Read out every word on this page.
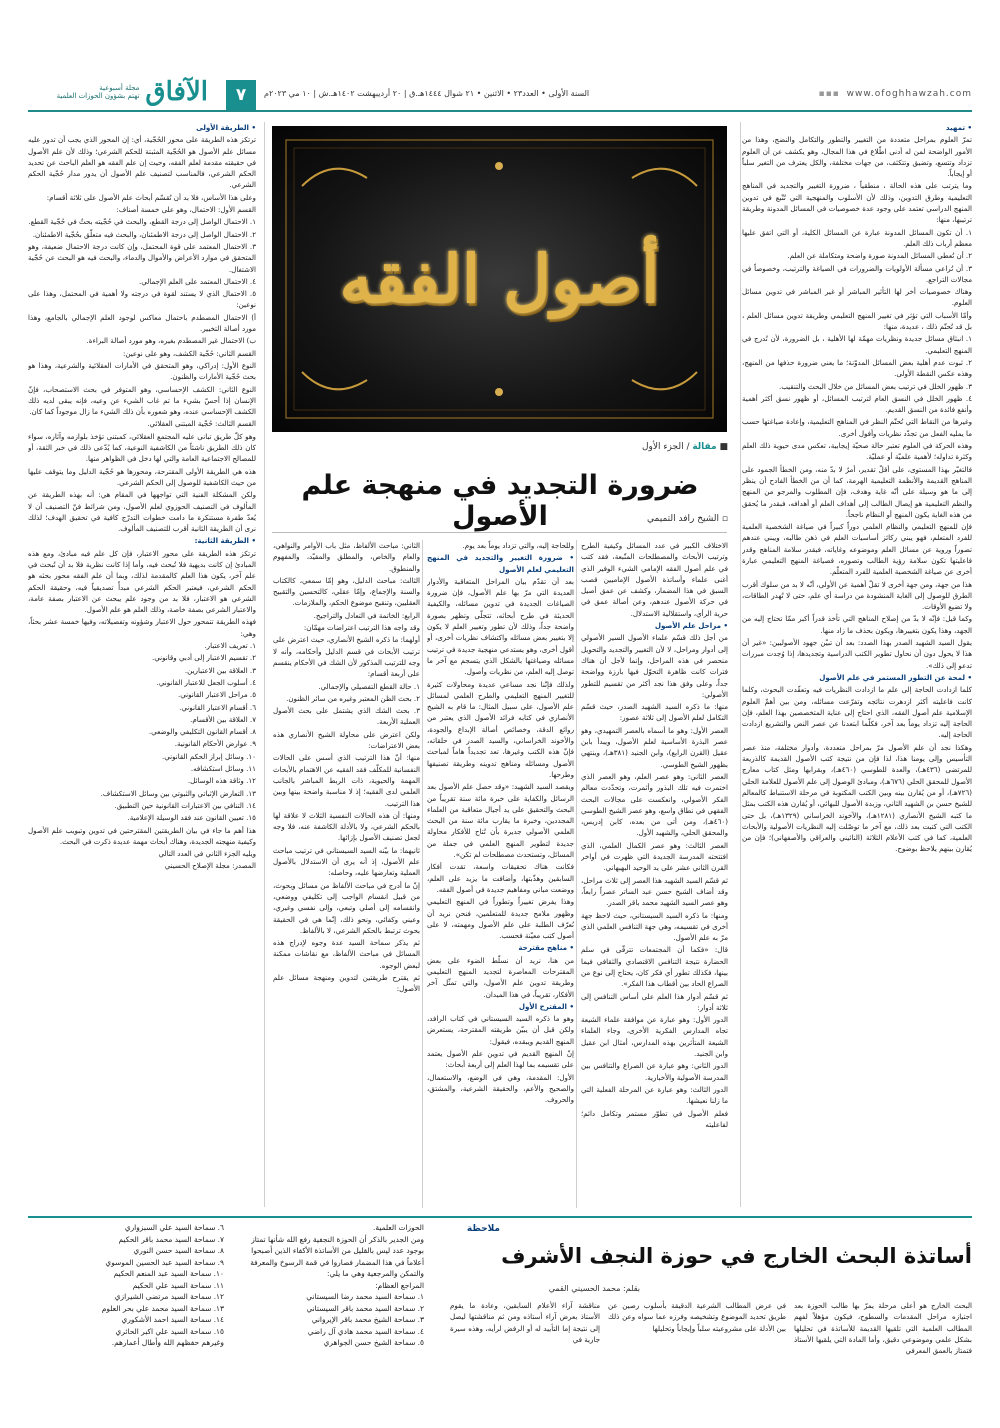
الآفاق
مجلة أسبوعية
تهتم بشؤون الحوزات العلمية	٧	السنة الأولى • العدد٢٣ • الاثنين • ٢١ شوال ١٤٤٤هـ.ق | ٢٠ أرديبهشت ١٤٠٢هـ.ش | ١٠ مي ٢٠٢٣م	▪▪▪ www.ofoghhawzah.com

• تمهيد

تمرّ العلوم بمراحل متعددة من التغيير والتطور والتكامل والنضج، وهذا من الأمور الواضحة لمن له أدنى اطّلاع في هذا المجال، وهو يكشف عن أن العلوم تزداد وتتسع، وتضيق وتتكثف، من جهات مختلفة، والكل يعترف من التغير سلباً أو إيجاباً.

وما يترتب على هذه الحالة ، منطقياً ، ضرورة التغيير والتجديد في المناهج التعليمية وطرق التدوين، وذلك لأن الأسلوب والمنهجية التي تُتّبع في تدوين المنهج الدراسي تعتمد على وجود عدة خصوصيات في المسائل المدونة وطريقة ترتيبها، منها:

١. أن تكون المسائل المدونة عبارة عن المسائل الكلية، أو التي اتفق عليها معظم أرباب ذلك العلم.

٢. أن تُعطي المسائل المدونة صورة واضحة ومتكاملة عن العلم.

٣. أن تُراعي مسألة الأولويات والضرورات في الصياغة والترتيب، وخصوصاً في مجالات التراجع.

وهناك خصوصيات أخر لها التأثير المباشر أو غير المباشر في تدوين مسائل العلوم.

وأمّا الأسباب التي تؤثر في تغيير المنهج التعليمي وطريقة تدوين مسائل العلم ، بل قد تُحتّم ذلك ، عديدة، منها:

١. انبثاق مسائل جديدة ونظريات مهمّة لها الأهلية ، بل الضرورة، لأن تُدرج في المنهج التعليمي.

٢. ثبوت عدم أهلية بعض المسائل المدوّنة؛ ما يعني ضرورة حذفها من المنهج، وهذه عكس النقطة الأولى.

٣. ظهور الخلل في ترتيب بعض المسائل من خلال البحث والتنقيب.

٤. ظهور الخلل في النسق العام لترتيب المسائل، أو ظهور نسق أكثر أهمية وأنفع فائدة من النسق القديم.

وغيرها من النقاط التي تُحتّم النظر في المناهج التعليمية، وإعادة صياغتها حسب ما يمليه الفعل من تجدّد نظريات وأفول أخرى.

وهذه الحركة في العلوم تعتبر حالة صحيّة إيجابية، تعكس مدى حيوية ذلك العلم وكثرة تداوله؛ لأهمية علميّة أو عمليّة.

فالتغيّر بهذا المستوى، على أقلّ تقدير، أمرٌ لا بدّ منه، ومن الخطأ الجمود على المناهج القديمة والأنظمة التعليمية الهرمة، كما أن من الخطأ الفادح أن ينظر إلى ما هو وسيلة على أنّه غاية وهدف، فإن المطلوب والمرجو من المنهج والنظم التعليمية هو إيصال الطالب إلى أهداف العلم أو أهدافه، فبقدر ما يُحقق من هذه الغاية يكون المنهج أو النظام ناجحاً.

فإن للمنهج التعليمي والنظام العلمي دوراً كبيراً في صياغة الشخصية العلمية للفرد المتعلم، فهو يبني ركائز أساسيات العلم في ذهن طالبه، ويبني عندهم تصوراً وروية عن مسائل العلم وموضوعه وغاياته، فبقدر سلامة المناهج وقدر فاعليتها تكون سلامة رؤية الطالب وتصوره، فصياغة المنهج التعليمي عبارة أخرى عن صياغة الشخصية العلمية للفرد المتعلّم.

هذا من جهة، ومن جهة أخرى لا تقلّ أهمية عن الأولى، أنّه لا بد من سلوك أقرب الطرق للوصول إلى الغاية المنشودة من دراسة أي علم، حتى لا تُهدر الطاقات، ولا تضيع الأوقات.

وكما قيل: فإنّه لا بدّ من إصلاح المناهج التي تأخذ قدراً أكبر ممّا تحتاج إليه من الجهد، وهذا يكون بتغييرها، ويكون بحذف ما زاد منها.

يقول السيد الشهيد الصدر بهذا الصدد: بعد أن تبيّن جهود الأصوليين: «غير أن هذا لا يحول دون أن نحاول تطوير الكتب الدراسية وتجديدها، إذا وُجدت مبررات تدعو إلى ذلك».

• لمحة عن التطور المستمر في علم الأصول

كلما ازدادت الحاجة إلى علم ما ازدادت النظريات فيه وتعقّدت البحوث، وكلما كانت فاعليته أكثر ازدهرت نتائجه وتفرّعت مسائله، ومن بين أهمّ العلوم الإسلامية علم أصول الفقه، الذي احتاج إلى عناية المتخصصين بهذا العلم، فإن الحاجة إليه تزداد يوماً بعد آخر، فكلّما ابتعدنا عن عصر النص والتشريع ازدادت الحاجة إليه.

وهكذا نجد أن علم الأصول مرّ بمراحل متعددة، وأدوار مختلفة، منذ عصر التأسيس وإلى يومنا هذا، لذا فإن من نتيجة كتب الأصول القديمة كالذريعة للمرتضى (٤٣٦هـ)، والعدة للطوسي (٤٦٠هـ)، وبقرابها ومثل كتاب معارج الأصول للمحقق الحلي (٦٧٦هـ)، ومبادئ الوصول إلى علم الأصول للعلامة الحلي (٧٢٦هـ)، أو من يُقارن بينه وبين الكتب المكتوبة في مرحلة الاستنباط كالمعالم للشيخ حسن بن الشهيد الثاني، وزبدة الأصول للبهائي، أو يُقارن هذه الكتب بمثل ما كتبه الشيخ الأنصاري (١٢٨١هـ)، والآخوند الخراساني (١٣٢٩هـ)، بل حتى الكتب التي كتبت بعد ذلك، مع آخر ما توصّلت إليه النظريات الأصولية والأبحاث العلمية، كما في كتب الأعلام الثلاثة (النائيني والعراقي والأصفهاني)؛ فإن من يُقارن بينهم يلاحظ بوضوح.

أصول الفقه
■ مقالة / الجزء الأول
ضرورة التجديد في منهجة علم الأصول	▫ الشيخ رافد التميمي

الاختلاف الكبير في عدد المسائل وكيفية الطرح وترتيب الأبحاث والمصطلحات المتّبعة، فقد كتب في علم أصول الفقه الإمامي الشيء الوفير الذي أغنى علماء وأساتذة الأصول الإماميين قصب السبق في هذا المضمار، وكشف عن عمق أصيل في حركة الأصول عندهم، وعن أصالة عمق في حرية الرأي، واستقلالية الاستدلال.

• مراحل علم الأصول

من أجل ذلك قسّم علماء الأصول السير الأصولي إلى أدوار ومراحل، لا لأن التغيير والتجديد والتحويل منحصر في هذه المراحل، وإنما لأجل أن هناك فترات كانت ظاهرة التحوّل فيها بارزة وواضحة جداً، وعلى وفق هذا نجد أكثر من تقسيم للتطور الأصولي:

منها: ما ذكره السيد الشهيد الصدر، حيث قسّم التكامل لعلم الأصول إلى ثلاثة عصور:

العصر الأول: وهو ما أسماه بالعصر التمهيدي، وهو عصر البذرة الأساسية لعلم الأصول، ويبدأ بابن عقيل (القرن الرابع)، وابن الجنيد (٣٨١هـ)، وينتهي بظهور الشيخ الطوسي.

العصر الثاني: وهو عصر العلم، وهو العصر الذي اختمرت فيه تلك البذور وأثمرت، وتحدّدت معالم الفكر الأصولي، وانعكست على مجالات البحث الفقهي في نطاق واسع، وهو عصر الشيخ الطوسي (٤٦٠هـ)، ومن أتى من بعده، كابن إدريس، والمحقق الحلي، والشهيد الأول.

العصر الثالث: وهو عصر الكمال العلمي، الذي افتتحته المدرسة الجديدة التي ظهرت في أواخر القرن الثاني عشر على يد الوحيد البهبهاني.

ثم قسّم السيد الشهيد هذا العصر إلى ثلاث مراحل، وقد أضاف الشيخ حسن عبد الساتر عصراً رابعاً، وهو عصر السيد الشهيد محمد باقر الصدر.

ومنها: ما ذكره السيد السيستاني، حيث لاحظ جهة أخرى في تقسيمه، وهي جهة التنافس العلمي الذي مرّ به علم الأصول.

قال: «فكما أن المجتمعات تترقّى في سلم الحضارة نتيجة التنافس الاقتصادي والثقافي فيما بينها، فكذلك تطور أي فكر كان، يحتاج إلى نوع من الصراع الحاد بين أقطاب هذا الفكر».

ثم قسّم أدوار هذا العلم على أساس التنافس إلى ثلاثة أدوار:

الدور الأول: وهو عبارة عن موافقة علماء الشيعة تجاه المدارس الفكرية الأخرى، وجاء العلماء الشيعة المتأثرين بهذه المدارس، أمثال ابن عقيل وابن الجنيد.

الدور الثاني: وهو عبارة عن الصراع والتنافس بين المدرسة الأصولية والأخبارية.

الدور الثالث: وهو عبارة عن المرحلة الفعلية التي ما زلنا نعيشها.

فعلم الأصول في تطوّر مستمر وتكامل دائم؛ لفاعليته

وللحاجة إليه، والتي تزداد يوماً بعد يوم.

• ضرورة التغيير والتجديد في المنهج التعليمي لعلم الأصول

بعد أن تقدّم بيان المراحل المتعاقبة والأدوار العديدة التي مرّ بها علم الأصول، فإن ضرورة الصياغات الجديدة في تدوين مسائله، والكيفية الحديثة في طرح أبحاثه، تتجلّى وتظهر بصورة واضحة جداً، وذلك لأن تطور وتغيير العلم لا يكون إلا بتغيير بعض مسائله واكتشاف نظريات أخرى، أو أقول أخرى، وهو يستدعي منهجية جديدة في ترتيب مسائله وصياغتها بالشكل الذي يتسجم مع آخر ما توصل إليه العلم، من نظريات وأصول.

ولذلك فإنّنا نجد مساعي عديدة ومحاولات كثيرة للتغيير المنهج التعليمي والطرح العلمي لمسائل علم الأصول، على سبيل المثال: ما قام به الشيخ الأنصاري في كتابه فرائد الأصول الذي يعتبر من روائع الدقة، وخصائص أصالة الإبداع والجودة، والأخوند الخراساني، والسيد الصدر في حلقاته، فإنّ هذه الكتب وغيرها، تعد تجديداً هاماً لمباحث الأصول ومسائله ومناهج تدوينه وطريقة تصنيفها وطرحها.

ويقصد السيد الشهيد: «وقد حصل علم الأصول بعد الرسائل والكفاية على خبرة مائة سنة تقريباً من البحث والتحقيق على يد أجيال متعاقبة من العلماء المجددين، وخبرة ما يقارب مائة سنة من البحث العلمي الأصولي جديرة بأن تُتاح للأفكار محاولة جديدة لتطوير المنهج العلمي في جملة من المسائل، وتستحدث مصطلحات لم تكن».

فكانت هناك تحقيقات واسعة، تقدت أفكار السابقين وهذّبتها، وأضافت ما يزيد على العلم، ووضعت مباني ومفاهيم جديدة في أصول الفقه.

وهذا يفرض تغييراً وتطوراً في المنهج التعليمي وظهور ملامح جديدة للمتعلمين، فنحن نريد أن نُعرّف الطلبة على علم الأصول ومهمته، لا على أصول كتب معيّنة فحسب.

• مناهج مقترحة

من هنا، نريد أن نسلّط الضوء على بعض المقترحات المعاصرة لتجديد المنهج التعليمي وطريقة تدوين علم الأصول، والتي تمثّل آخر الأفكار، تقريباً، في هذا الميدان.

• المقترح الأول

وهو ما ذكره السيد السيستاني في كتاب الرافد، ولكن قبل أن يبيّن طريقته المقترحة، يستعرض المنهج القديم ويبقده، فيقول:

إنّ المنهج القديم في تدوين علم الأصول يعتمد على تقسيمه بما لهذا العلم إلى أربعة أبحاث:

الأول: المقدمة، وهي في الوضع، والاستعمال، والصحيح والأعم، والحقيقة الشرعية، والمشتق، والحروف.

الثاني: مباحث الألفاظ، مثل باب الأوامر والنواهي، والعام والخاص، والمطلق والمقيّد، والمفهوم والمنطوق.

الثالث: مباحث الدليل، وهو إمّا سمعي، كالكتاب والسنة والإجماع، وإمّا عقلي، كالتحسين والتقبيح العقليين، وتنقيح موضوع الحكم، والملازمات.

الرابع: الخاتمة في التعادل والتراجيح.

وقد واجه هذا الترتيب اعتراضات مهمّان:

أولهما: ما ذكره الشيخ الأنصاري، حيث اعترض على ترتيب الأبحاث في قسم الدليل وأحكامه، وأنه لا وجه للترتيب المذكور لأن الشك في الأحكام ينقسم على أربعة أقسام:

١. حالة القطع التفصيلي والإجمالي.

٢. بحث الظن المعتبر وغيره من سائر الظنون.

٣. بحث الشك الذي يشتمل على بحث الأصول العملية الأربعة.

ولكن اعترض على محاولة الشيخ الأنصاري هذه بعض الاعتراضات:

منها: أنّ هذا الترتيب الذي أسس على الحالات النفسانية للمكلّف فقد الفقيه عن الاهتمام بالأبحاث المهمة والحيوية، ذات الربط المباشر بالجانب العلمي لدى الفقيه؛ إذ لا مناسبة واضحة بينها وبين هذا الترتيب.

ومنها: أن هذه الحالات النفسية الثلاث لا علاقة لها بالحكم الشرعي، ولا بالأدلة الكاشفة عنه، فلا وجه لجعل تصنيف الأصول بإزائها.

ثانيهما: ما بيّنه السيد السيستاني في ترتيب مباحث علم الأصول، إذ أنه يرى أن الاستدلال بالأصول العملية وتعارضها عليه، وحاصله:

إنّ ما أدرج في مباحث الألفاظ من مسائل وبحوث، من قبيل انقسام الواجب إلى تكليفي ووضعي، وانقسامه إلى أصلي وتبعي، وإلى نفسي وغيري، وعيني وكفائي، ونحو ذلك، إنّما هي في الحقيقة بحوث ترتبط بالحكم الشرعي، لا بالألفاظ.

ثم يذكر سماحة السيد عدة وجوه لإدراج هذه المسائل في مباحث الألفاظ، مع نقاشات ممكنة لبعض الوجوه.

ثم يقترح طريقتين لتدوين ومنهجة مسائل علم الأصول:

• الطريقة الأولى

ترتكز هذه الطريقة على محور الحُجّية، أي: إن المحور الذي يجب أن تدور عليه مسائل علم الأصول هو الحُجّية المثبتة للحكم الشرعي؛ وذلك لأن علم الأصول في حقيقته مقدمة لعلم الفقه، وحيث إن علم الفقه هو العلم الباحث عن تحديد الحكم الشرعي، فالمناسب لتصنيف علم الأصول أن يدور مدار حُجّية الحكم الشرعي.

وعلى هذا الأساس، فلا بد أن تُقسّم أبحاث علم الأصول على ثلاثة أقسام:

القسم الأول: الاحتمال، وهو على خمسة أصناف:

١. الاحتمال الواصل إلى درجة القطع، والبحث في حُجّيته بحثٌ في حُجّية القطع.

٢. الاحتمال الواصل إلى درجة الاطمئنان، والبحث فيه متعلّق بحُجّية الاطمئنان.

٣. الاحتمال المعتمد على قوة المحتمل، وإن كانت درجة الاحتمال ضعيفة، وهو المتحقق في موارد الأعراض والأموال والدماء، والبحث فيه هو البحث عن حُجّية الاشتغال.

٤. الاحتمال المعتمد على العلم الإجمالي.

٥. الاحتمال الذي لا يستند لقوة في درجته ولا أهمية في المحتمل، وهذا على نوعين:

أ) الاحتمال المصطدم باحتمال معاكس لوجود العلم الإجمالي بالجامع، وهذا مورد أصالة التخيير.

ب) الاحتمال غير المصطدم بغيره، وهو مورد أصالة البراءة.

القسم الثاني: حُجّية الكشف، وهو على نوعين:

النوع الأول: إدراكي، وهو المتحقق في الأمارات العقلائية والشرعية، وهذا هو بحث حُجّية الأمارات والظنون.

النوع الثاني: الكشف الإحساسي، وهو المتوفر في بحث الاستصحاب، فإنّ الإنسان إذا أحسّ بشيء ما تم غاب الشيء عن وعيه، فإنه يبقى لديه ذلك الكشف الإحساسي عنده، وهو شعوره بأن ذلك الشيء ما زال موجوداً كما كان.

القسم الثالث: حُجّية المبتنى العقلائي.

وهو كلّ طريق تبانى عليه المجتمع العقلائي، كمبتنى تؤخذ بلوازمه وآثاره، سواء كان ذلك الطريق ناشئاً من الكاشفية النوعية، كما يُدّعى ذلك في خبر الثقة، أو للمصالح الاجتماعية العامة والتي لها دخل في الظواهر منها.

هذه هي الطريقة الأولى المقترحة، ومحورها هو حُجّية الدليل وما يتوقف عليها من حيث الكاشفية للوصول إلى الحكم الشرعي.

ولكن المشكلة الفنية التي تواجهها في المقام هي: أنه بهذه الطريقة عن المألوف في التصنيف الحوزوي لعلم الأصول، ومن شرائط فنّ التصنيف أن لا يُعدّ طفرة مستنكرة ما دامت خطوات التدرّج كافية في تحقيق الهدف؛ لذلك نرى أن الطريقة الثانية أقرب للتصنيف المألوف.

• الطريقة الثانية:

ترتكز هذه الطريقة على محور الاعتبار، فإن كل علم فيه مبادئ، ومع هذه المبادئ إن كانت بديهية فلا تُبحث فيه، وأما إذا كانت نظرية فلا بد أن تُبحث في علم آخر، يكون هذا العلم كالمقدمة لذلك، وبما أن علم الفقه محور بحثه هو الحكم الشرعي، فيعتبر الحكم الشرعي مبدأً تصديقياً فيه، وحقيقة الحكم الشرعي هو الاعتبار، فلا بد من وجود علم يبحث عن الاعتبار بصفة عامة، والاعتبار الشرعي بصفة خاصة، وذلك العلم هو علم الأصول.

فهذه الطريقة تتمحور حول الاعتبار وشؤونه وتفصيلاته، وفيها خمسة عشر بحثاً، وهي:

١. تعريف الاعتبار.

٢. تقسيم الاعتبار إلى أدبي وقانوني.

٣. العلاقة بين الاعتبارين.

٤. أسلوب الجعل للاعتبار القانوني.

٥. مراحل الاعتبار القانوني.

٦. أقسام الاعتبار القانوني.

٧. العلاقة بين الأقسام.

٨. أقسام القانون التكليفي والوضعي.

٩. عوارض الأحكام القانونية.

١٠. وسائل إبراز الحكم القانوني.

١١. وسائل استكشافه.

١٢. وثاقة هذه الوسائل.

١٣. التعارض الإثباتي والثبوتي بين وسائل الاستكشاف.

١٤. التنافي بين الاعتبارات القانونية حين التطبيق.

١٥. تعيين القانون عند فقد الوسيلة الإعلامية.

هذا أهم ما جاء في بيان الطريقتين المقترحتين في تدوين وتبويب علم الأصول وكيفية منهجته الجديدة، وهناك أبحاث مهمة عديدة ذكرت في البحث.

ويليه الجزء الثاني في العدد التالي

المصدر: مجلة الإصلاح الحسيني

ملاحظة
أساتذة البحث الخارج في حوزة النجف الأشرف
بقلم: محمد الحسيني القمي
البحث الخارج هو أعلى مرحلة يمرّ بها طالب الحوزة بعد اجتيازه مراحل المقدمات والسطوح، فيكون مؤهلاً لفهم المطالب العلمية التي تلقيها القديمة للأساتذة في تحليلها بشكل علمي وموضوعي دقيق، وأما المادة التي يلقيها الأستاذ فتمتاز بالعمق المعرفي
في عرض المطالب الشرعية الدقيقة بأسلوب رصين عن طريق تحديد الموضوع وتشخيصه وفرزه عما سواه وعن ذلك بين الأدلة على مشروعيته سلباً وإيجاباً وتحليلها
مناقشة آراء الأعلام السابقين، وعادة ما يقوم الأستاذ بعرض آراء أستاذه ومن ثم مناقشتها ليصل إلى نتيجة إما التأييد له أو الرفض لرأيه، وهذه سيرة جارية في
الحوزات العلمية.
ومن الجدير بالذكر أن الحوزة النجفية رفع الله شأنها تمتاز بوجود عدد ليس بالقليل من الأساتذة الأكفاء الذين أصبحوا أعلاماً في هذا المضمار فصاروا في قمة الرسوخ والمعرفة والتمكن والمرجعية وهي ما يلي:
المراجع العظام:
١. سماحة السيد محمد رضا السيستاني
٢. سماحة السيد محمد باقر السيستاني
٣. سماحة الشيخ محمد باقر الإيرواني
٤. سماحة السيد محمد هادي آل راضي
٥. سماحة الشيخ حسن الجواهري
٦. سماحة السيد علي السبزواري
٧. سماحة السيد محمد باقر الحكيم
٨. سماحة السيد حسن النوري
٩. سماحة السيد عبد الحسين الموسوي
١٠. سماحة السيد عبد المنعم الحكيم
١١. سماحة السيد علي الحكيم
١٢. سماحة السيد مرتضى الشيرازي
١٣. سماحة السيد محمد علي بحر العلوم
١٤. سماحة السيد احمد الأشكوري
١٥. سماحة السيد علي اكبر الحائري
وغيرهم حفظهم الله وأطال أعمارهم.
